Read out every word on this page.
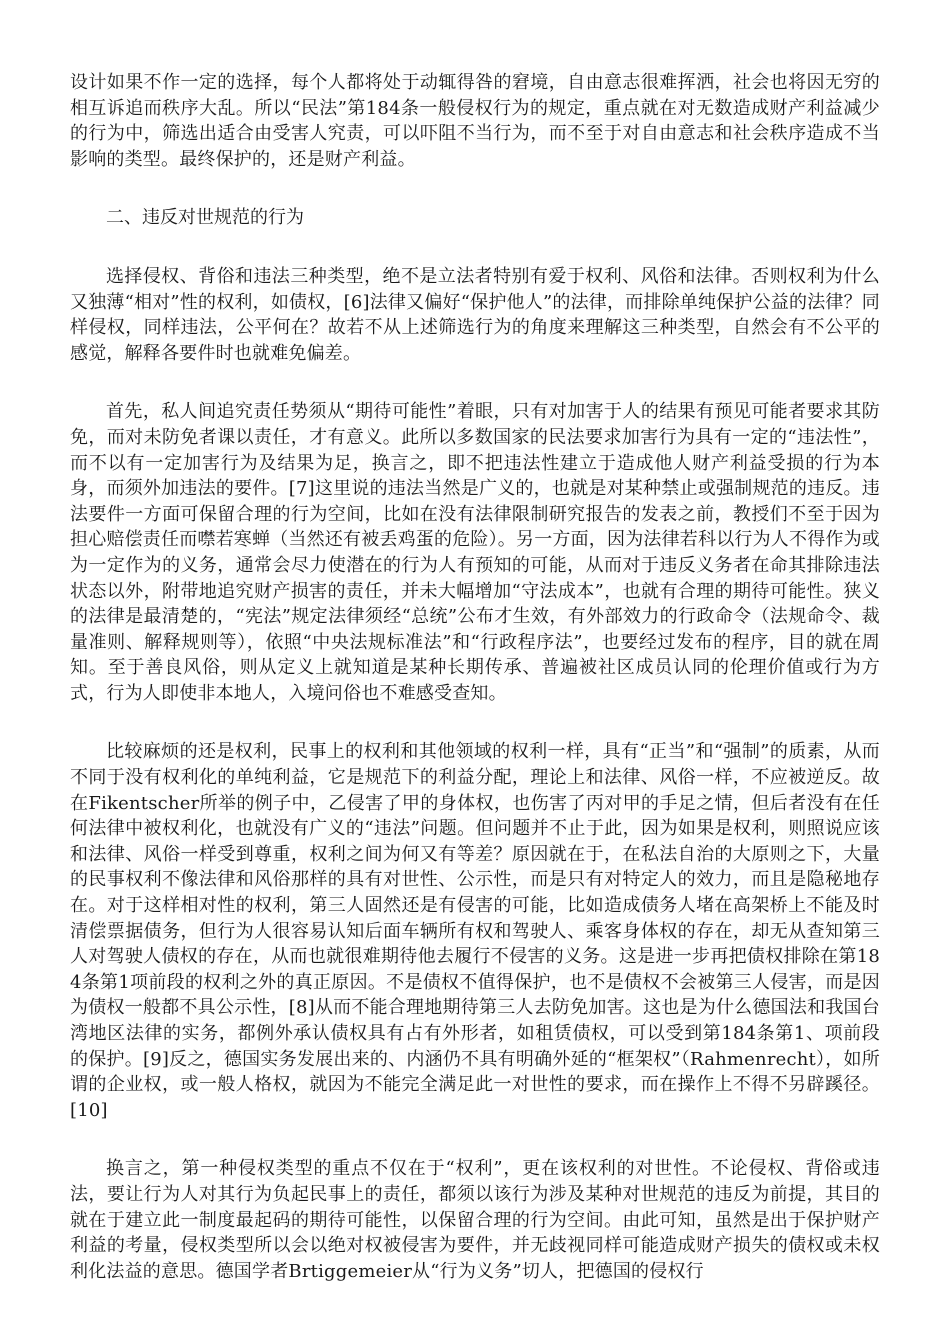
设计如果不作一定的选择，每个人都将处于动辄得咎的窘境，自由意志很难挥洒，社会也将因无穷的相互诉追而秩序大乱。所以“民法”第184条一般侵权行为的规定，重点就在对无数造成财产利益减少的行为中，筛选出适合由受害人究责，可以吓阻不当行为，而不至于对自由意志和社会秩序造成不当影响的类型。最终保护的，还是财产利益。

二、违反对世规范的行为

选择侵权、背俗和违法三种类型，绝不是立法者特别有爱于权利、风俗和法律。否则权利为什么又独薄“相对”性的权利，如债权，[6]法律又偏好“保护他人”的法律，而排除单纯保护公益的法律？同样侵权，同样违法，公平何在？故若不从上述筛选行为的角度来理解这三种类型，自然会有不公平的感觉，解释各要件时也就难免偏差。

首先，私人间追究责任势须从“期待可能性”着眼，只有对加害于人的结果有预见可能者要求其防免，而对未防免者课以责任，才有意义。此所以多数国家的民法要求加害行为具有一定的“违法性”，而不以有一定加害行为及结果为足，换言之，即不把违法性建立于造成他人财产利益受损的行为本身，而须外加违法的要件。[7]这里说的违法当然是广义的，也就是对某种禁止或强制规范的违反。违法要件一方面可保留合理的行为空间，比如在没有法律限制研究报告的发表之前，教授们不至于因为担心赔偿责任而噤若寒蝉（当然还有被丢鸡蛋的危险）。另一方面，因为法律若科以行为人不得作为或为一定作为的义务，通常会尽力使潜在的行为人有预知的可能，从而对于违反义务者在命其排除违法状态以外，附带地追究财产损害的责任，并未大幅增加“守法成本”，也就有合理的期待可能性。狭义的法律是最清楚的，“宪法”规定法律须经“总统”公布才生效，有外部效力的行政命令（法规命令、裁量准则、解释规则等），依照“中央法规标准法”和“行政程序法”，也要经过发布的程序，目的就在周知。至于善良风俗，则从定义上就知道是某种长期传承、普遍被社区成员认同的伦理价值或行为方式，行为人即使非本地人，入境问俗也不难感受查知。

比较麻烦的还是权利，民事上的权利和其他领域的权利一样，具有“正当”和“强制”的质素，从而不同于没有权利化的单纯利益，它是规范下的利益分配，理论上和法律、风俗一样，不应被逆反。故在Fikentscher所举的例子中，乙侵害了甲的身体权，也伤害了丙对甲的手足之情，但后者没有在任何法律中被权利化，也就没有广义的“违法”问题。但问题并不止于此，因为如果是权利，则照说应该和法律、风俗一样受到尊重，权利之间为何又有等差？原因就在于，在私法自治的大原则之下，大量的民事权利不像法律和风俗那样的具有对世性、公示性，而是只有对特定人的效力，而且是隐秘地存在。对于这样相对性的权利，第三人固然还是有侵害的可能，比如造成债务人堵在高架桥上不能及时清偿票据债务，但行为人很容易认知后面车辆所有权和驾驶人、乘客身体权的存在，却无从查知第三人对驾驶人债权的存在，从而也就很难期待他去履行不侵害的义务。这是进一步再把债权排除在第184条第1项前段的权利之外的真正原因。不是债权不值得保护，也不是债权不会被第三人侵害，而是因为债权一般都不具公示性，[8]从而不能合理地期待第三人去防免加害。这也是为什么德国法和我国台湾地区法律的实务，都例外承认债权具有占有外形者，如租赁债权，可以受到第184条第1、项前段的保护。[9]反之，德国实务发展出来的、内涵仍不具有明确外延的“框架权”（Rahmenrecht），如所谓的企业权，或一般人格权，就因为不能完全满足此一对世性的要求，而在操作上不得不另辟蹊径。[10]

换言之，第一种侵权类型的重点不仅在于“权利”，更在该权利的对世性。不论侵权、背俗或违法，要让行为人对其行为负起民事上的责任，都须以该行为涉及某种对世规范的违反为前提，其目的就在于建立此一制度最起码的期待可能性，以保留合理的行为空间。由此可知，虽然是出于保护财产利益的考量，侵权类型所以会以绝对权被侵害为要件，并无歧视同样可能造成财产损失的债权或未权利化法益的意思。德国学者Brtiggemeier从“行为义务”切人，把德国的侵权行
